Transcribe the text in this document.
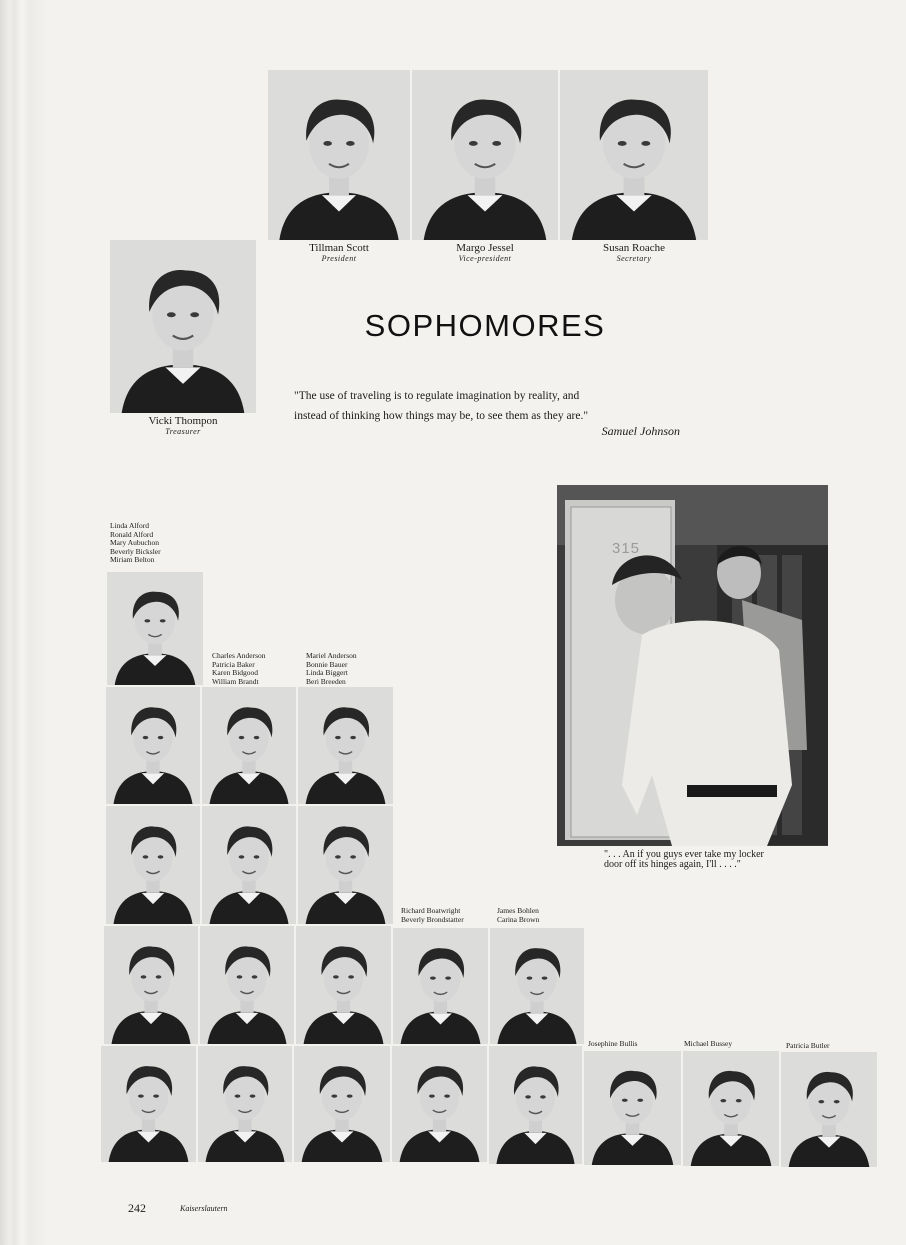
Tillman Scott
President
Margo Jessel
Vice-president
Susan Roache
Secretary
Vicki Thompon
Treasurer
SOPHOMORES
"The use of traveling is to regulate imagination by reality, and
instead of thinking how things may be, to see them as they are."
Samuel Johnson
315
". . . An if you guys ever take my locker door off its hinges again, I'll . . . ."
Linda Alford
Ronald Alford
Mary Aubuchon
Beverly Bicksler
Miriam Belton
Charles Anderson
Patricia Baker
Karen Bidgood
William Brandt
Mariel Anderson
Bonnie Bauer
Linda Biggert
Beri Breeden
Richard Boatwright
Beverly Brondstatter
James Bohlen
Carina Brown
Josephine Bullis	Michael Bussey	Patricia Butler
242	Kaiserslautern
